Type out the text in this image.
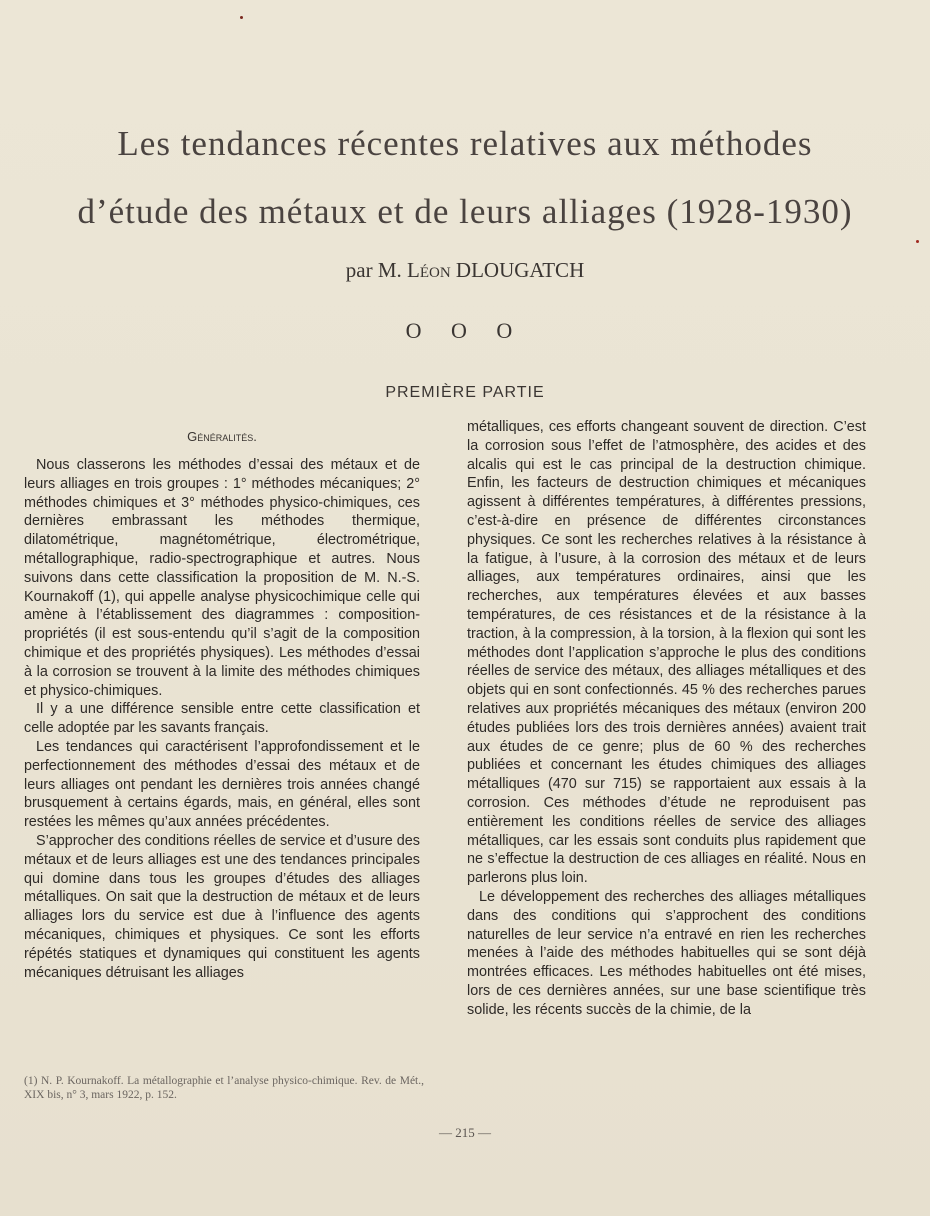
Les tendances récentes relatives aux méthodes
d’étude des métaux et de leurs alliages (1928-1930)
par M. Léon DLOUGATCH
O O O
PREMIÈRE PARTIE
Généralités.

Nous classerons les méthodes d’essai des métaux et de leurs alliages en trois groupes : 1° méthodes mécaniques; 2° méthodes chimiques et 3° méthodes physico-chimiques, ces dernières embrassant les méthodes thermique, dilatométrique, magnétométrique, électrométrique, métallographique, radio-spectrographique et autres. Nous suivons dans cette classification la proposition de M. N.-S. Kournakoff (1), qui appelle analyse physicochimique celle qui amène à l’établissement des diagrammes : composition-propriétés (il est sous-entendu qu’il s’agit de la composition chimique et des propriétés physiques). Les méthodes d’essai à la corrosion se trouvent à la limite des méthodes chimiques et physico-chimiques.

Il y a une différence sensible entre cette classification et celle adoptée par les savants français.

Les tendances qui caractérisent l’approfondissement et le perfectionnement des méthodes d’essai des métaux et de leurs alliages ont pendant les dernières trois années changé brusquement à certains égards, mais, en général, elles sont restées les mêmes qu’aux années précédentes.

S’approcher des conditions réelles de service et d’usure des métaux et de leurs alliages est une des tendances principales qui domine dans tous les groupes d’études des alliages métalliques. On sait que la destruction de métaux et de leurs alliages lors du service est due à l’influence des agents mécaniques, chimiques et physiques. Ce sont les efforts répétés statiques et dynamiques qui constituent les agents mécaniques détruisant les alliages

métalliques, ces efforts changeant souvent de direction. C’est la corrosion sous l’effet de l’atmosphère, des acides et des alcalis qui est le cas principal de la destruction chimique. Enfin, les facteurs de destruction chimiques et mécaniques agissent à différentes températures, à différentes pressions, c’est-à-dire en présence de différentes circonstances physiques. Ce sont les recherches relatives à la résistance à la fatigue, à l’usure, à la corrosion des métaux et de leurs alliages, aux températures ordinaires, ainsi que les recherches, aux températures élevées et aux basses températures, de ces résistances et de la résistance à la traction, à la compression, à la torsion, à la flexion qui sont les méthodes dont l’application s’approche le plus des conditions réelles de service des métaux, des alliages métalliques et des objets qui en sont confectionnés. 45 % des recherches parues relatives aux propriétés mécaniques des métaux (environ 200 études publiées lors des trois dernières années) avaient trait aux études de ce genre; plus de 60 % des recherches publiées et concernant les études chimiques des alliages métalliques (470 sur 715) se rapportaient aux essais à la corrosion. Ces méthodes d’étude ne reproduisent pas entièrement les conditions réelles de service des alliages métalliques, car les essais sont conduits plus rapidement que ne s’effectue la destruction de ces alliages en réalité. Nous en parlerons plus loin.

Le développement des recherches des alliages métalliques dans des conditions qui s’approchent des conditions naturelles de leur service n’a entravé en rien les recherches menées à l’aide des méthodes habituelles qui se sont déjà montrées efficaces. Les méthodes habituelles ont été mises, lors de ces dernières années, sur une base scientifique très solide, les récents succès de la chimie, de la

(1) N. P. Kournakoff. La métallographie et l’analyse physico-chimique. Rev. de Mét., XIX bis, n° 3, mars 1922, p. 152.
— 215 —
